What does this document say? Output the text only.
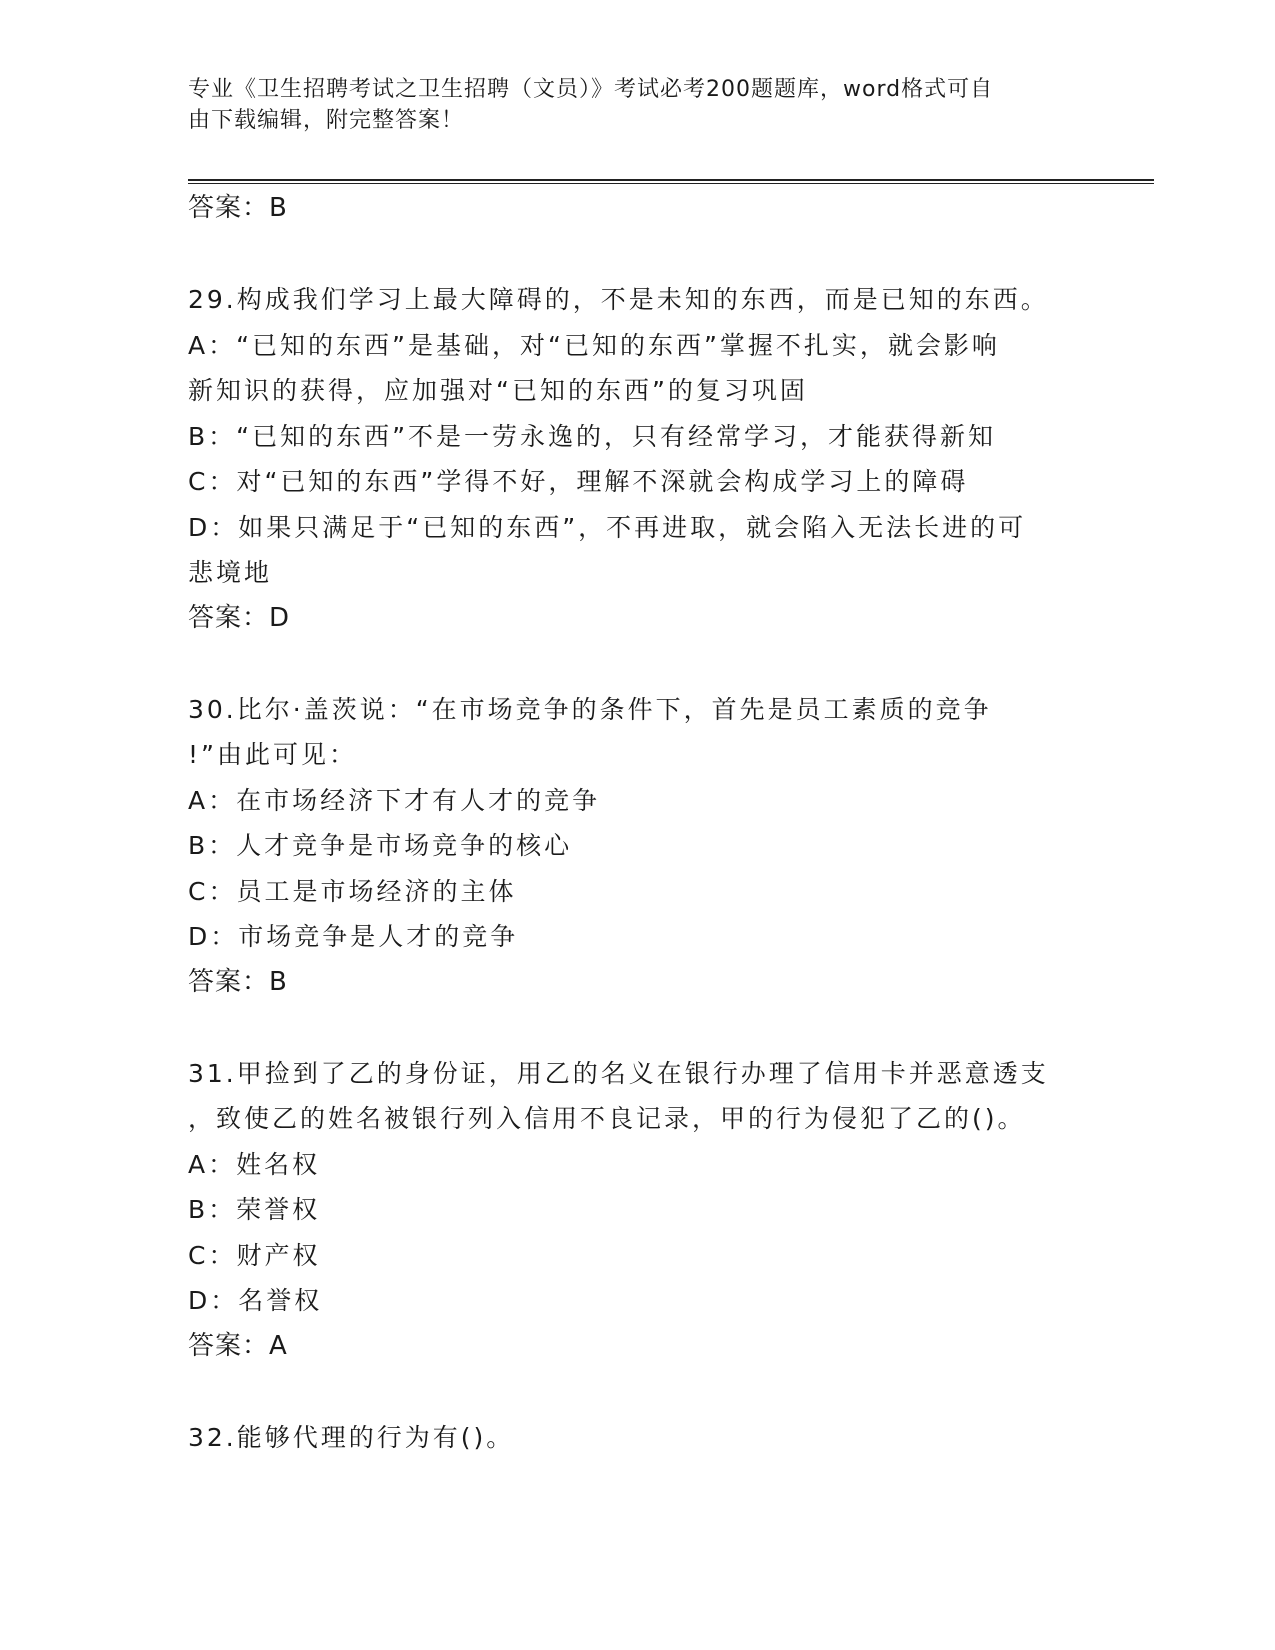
专业《卫生招聘考试之卫生招聘（文员）》考试必考200题题库，word格式可自
由下载编辑，附完整答案！
答案：B
29.构成我们学习上最大障碍的，不是未知的东西，而是已知的东西。
A：“已知的东西”是基础，对“已知的东西”掌握不扎实，就会影响
新知识的获得，应加强对“已知的东西”的复习巩固
B：“已知的东西”不是一劳永逸的，只有经常学习，才能获得新知
C：对“已知的东西”学得不好，理解不深就会构成学习上的障碍
D：如果只满足于“已知的东西”，不再进取，就会陷入无法长进的可
悲境地
答案：D
30.比尔·盖茨说：“在市场竞争的条件下，首先是员工素质的竞争
!”由此可见：
A：在市场经济下才有人才的竞争
B：人才竞争是市场竞争的核心
C：员工是市场经济的主体
D：市场竞争是人才的竞争
答案：B
31.甲捡到了乙的身份证，用乙的名义在银行办理了信用卡并恶意透支
，致使乙的姓名被银行列入信用不良记录，甲的行为侵犯了乙的()。
A：姓名权
B：荣誉权
C：财产权
D：名誉权
答案：A
32.能够代理的行为有()。
